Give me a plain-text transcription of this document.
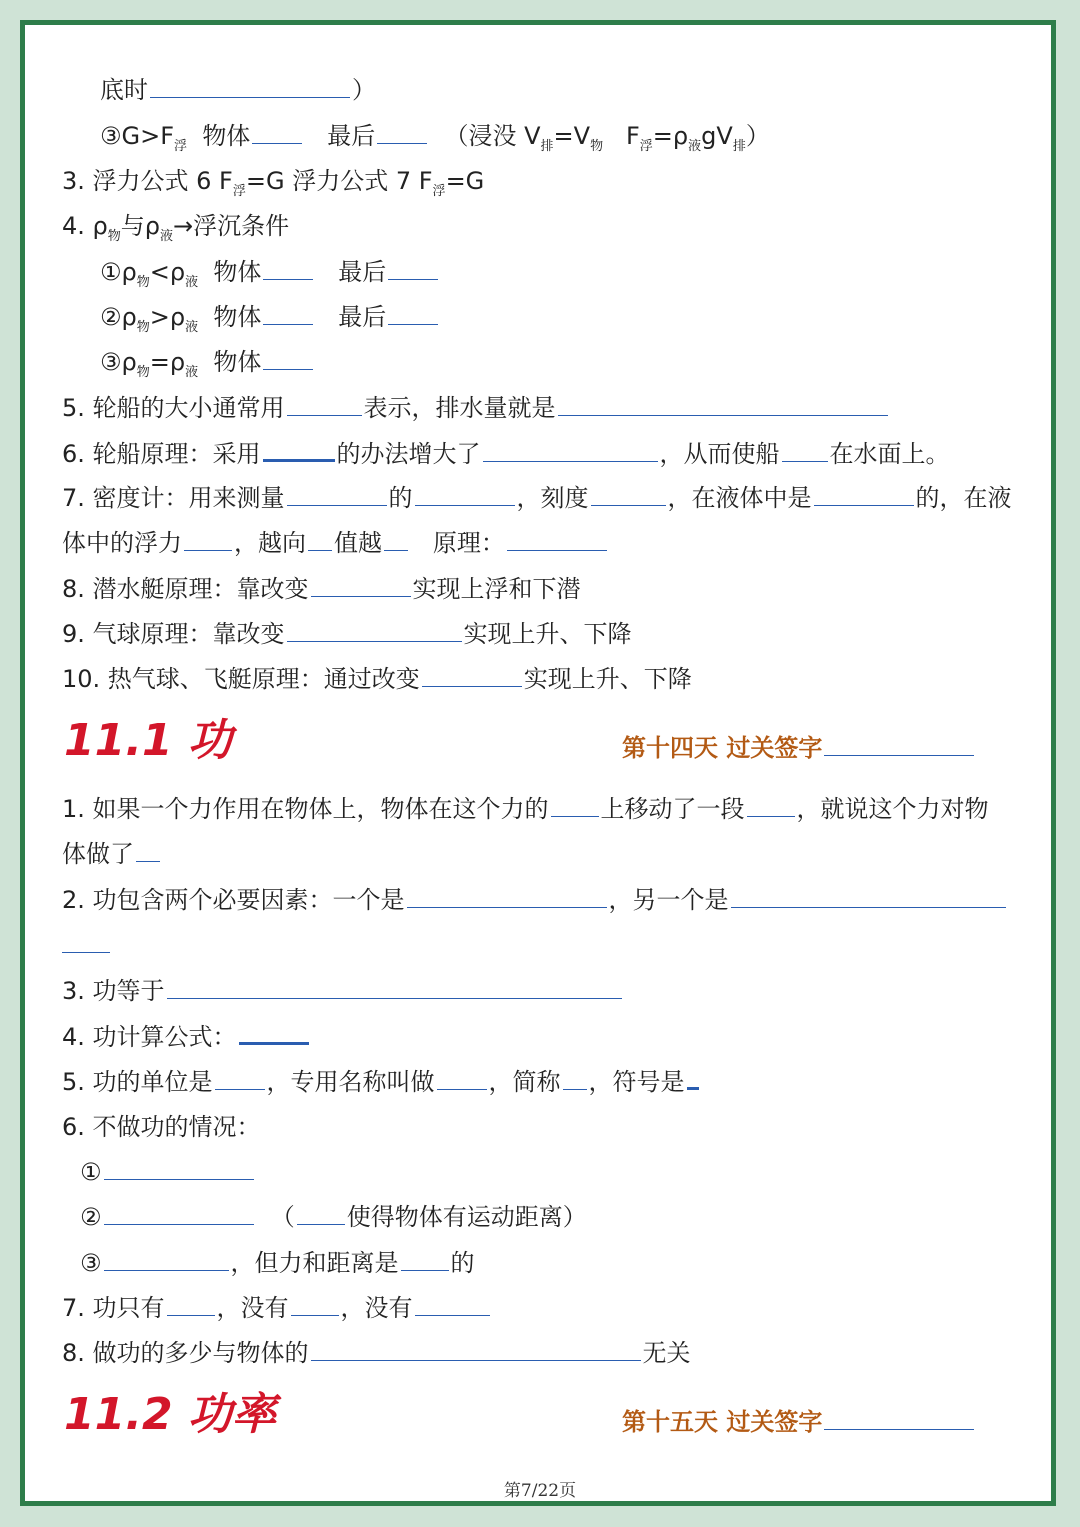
底时	）
$③G>F_浮$ 物体	最后	（浸没 $V_排=V_物$ $F_浮=\rho_液gV_排$）
3. 浮力公式 6 $F_浮=G$ 浮力公式 7 $F_浮=G$
4. $\rho_物$与$\rho_液\to$浮沉条件
$①\rho_物<\rho_液$ 物体	最后
$②\rho_物>\rho_液$ 物体	最后
$③\rho_物=\rho_液$ 物体
5. 轮船的大小通常用	表示，排水量就是
6. 轮船原理：采用	的办法增大了	，从而使船 在水面上。
7. 密度计：用来测量	的	，刻度	，在液体中是	的，在液
体中的浮力 ，越向 值越 原理：
8. 潜水艇原理：靠改变	实现上浮和下潜
9. 气球原理：靠改变	实现上升、下降
10. 热气球、飞艇原理：通过改变	实现上升、下降
11.1 功	第十四天 过关签字
1. 如果一个力作用在物体上，物体在这个力的 上移动了一段 ，就说这个力对物
体做了
2. 功包含两个必要因素：一个是	，另一个是
3. 功等于
4. 功计算公式：
5. 功的单位是 ，专用名称叫做 ，简称 ，符号是
6. 不做功的情况：
①
②	（ 使得物体有运动距离）
③	，但力和距离是 的
7. 功只有 ，没有 ，没有
8. 做功的多少与物体的	无关
11.2 功率	第十五天 过关签字
第7/22页
